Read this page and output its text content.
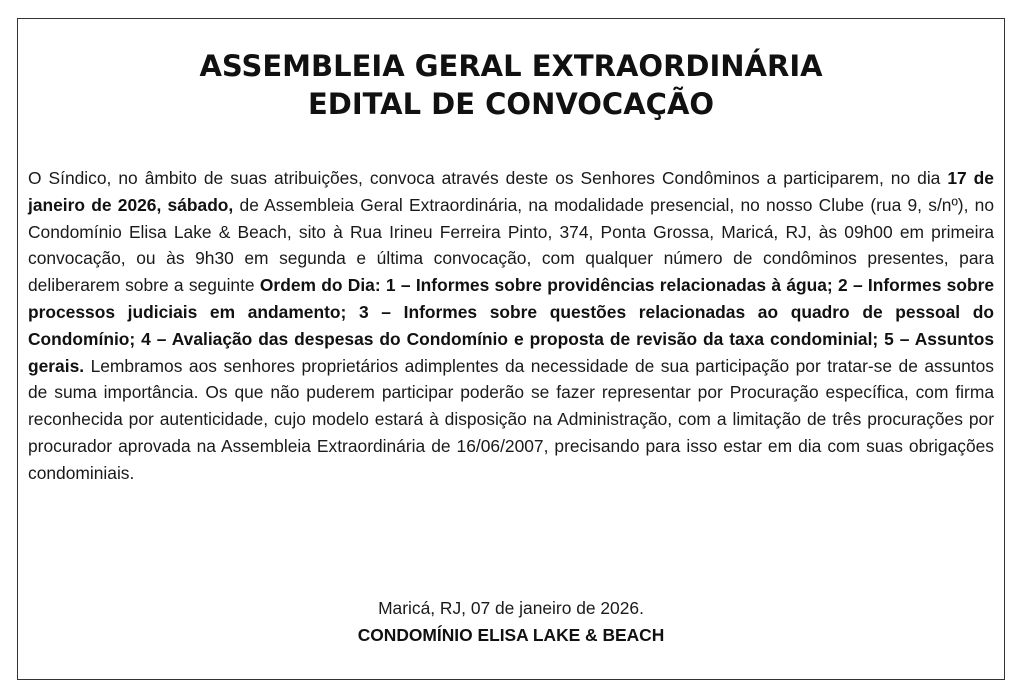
ASSEMBLEIA GERAL EXTRAORDINÁRIA
EDITAL DE CONVOCAÇÃO

O Síndico, no âmbito de suas atribuições, convoca através deste os Senhores Condôminos a participarem, no dia 17 de janeiro de 2026, sábado, de Assembleia Geral Extraordinária, na modalidade presencial, no nosso Clube (rua 9, s/nº), no Condomínio Elisa Lake & Beach, sito à Rua Irineu Ferreira Pinto, 374, Ponta Grossa, Maricá, RJ, às 09h00 em primeira convocação, ou às 9h30 em segunda e última convocação, com qualquer número de condôminos presentes, para deliberarem sobre a seguinte Ordem do Dia: 1 – Informes sobre providências relacionadas à água; 2 – Informes sobre processos judiciais em andamento; 3 – Informes sobre questões relacionadas ao quadro de pessoal do Condomínio; 4 – Avaliação das despesas do Condomínio e proposta de revisão da taxa condominial; 5 – Assuntos gerais. Lembramos aos senhores proprietários adimplentes da necessidade de sua participação por tratar-se de assuntos de suma importância. Os que não puderem participar poderão se fazer representar por Procuração específica, com firma reconhecida por autenticidade, cujo modelo estará à disposição na Administração, com a limitação de três procurações por procurador aprovada na Assembleia Extraordinária de 16/06/2007, precisando para isso estar em dia com suas obrigações condominiais.

Maricá, RJ, 07 de janeiro de 2026.
CONDOMÍNIO ELISA LAKE & BEACH
